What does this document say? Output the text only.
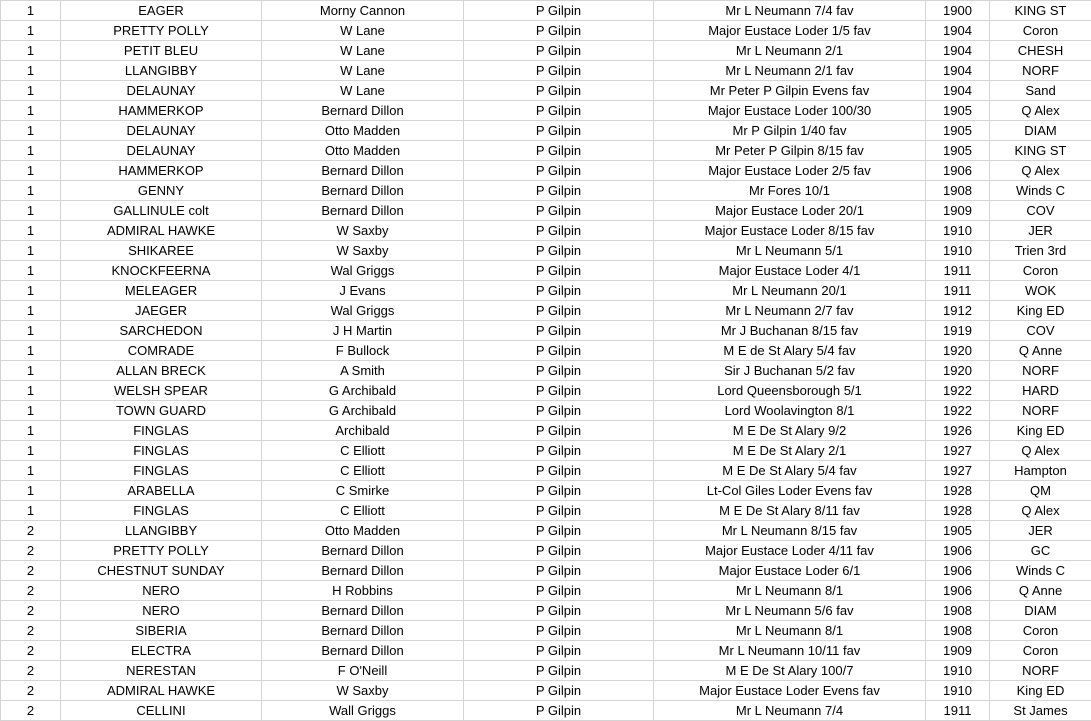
1	EAGER	Morny Cannon	P Gilpin	Mr L Neumann 7/4 fav	1900	KING ST
1	PRETTY POLLY	W Lane	P Gilpin	Major Eustace Loder 1/5 fav	1904	Coron
1	PETIT BLEU	W Lane	P Gilpin	Mr L Neumann 2/1	1904	CHESH
1	LLANGIBBY	W Lane	P Gilpin	Mr L Neumann 2/1 fav	1904	NORF
1	DELAUNAY	W Lane	P Gilpin	Mr Peter P Gilpin Evens fav	1904	Sand
1	HAMMERKOP	Bernard Dillon	P Gilpin	Major Eustace Loder 100/30	1905	Q Alex
1	DELAUNAY	Otto Madden	P Gilpin	Mr P Gilpin 1/40 fav	1905	DIAM
1	DELAUNAY	Otto Madden	P Gilpin	Mr Peter P Gilpin 8/15 fav	1905	KING ST
1	HAMMERKOP	Bernard Dillon	P Gilpin	Major Eustace Loder 2/5 fav	1906	Q Alex
1	GENNY	Bernard Dillon	P Gilpin	Mr Fores 10/1	1908	Winds C
1	GALLINULE colt	Bernard Dillon	P Gilpin	Major Eustace Loder 20/1	1909	COV
1	ADMIRAL HAWKE	W Saxby	P Gilpin	Major Eustace Loder 8/15 fav	1910	JER
1	SHIKAREE	W Saxby	P Gilpin	Mr L Neumann 5/1	1910	Trien 3rd
1	KNOCKFEERNA	Wal Griggs	P Gilpin	Major Eustace Loder 4/1	1911	Coron
1	MELEAGER	J Evans	P Gilpin	Mr L Neumann 20/1	1911	WOK
1	JAEGER	Wal Griggs	P Gilpin	Mr L Neumann 2/7 fav	1912	King ED
1	SARCHEDON	J H Martin	P Gilpin	Mr J Buchanan 8/15 fav	1919	COV
1	COMRADE	F Bullock	P Gilpin	M E de St Alary 5/4 fav	1920	Q Anne
1	ALLAN BRECK	A Smith	P Gilpin	Sir J Buchanan 5/2 fav	1920	NORF
1	WELSH SPEAR	G Archibald	P Gilpin	Lord Queensborough 5/1	1922	HARD
1	TOWN GUARD	G Archibald	P Gilpin	Lord Woolavington 8/1	1922	NORF
1	FINGLAS	Archibald	P Gilpin	M E De St Alary 9/2	1926	King ED
1	FINGLAS	C Elliott	P Gilpin	M E De St Alary 2/1	1927	Q Alex
1	FINGLAS	C Elliott	P Gilpin	M E De St Alary 5/4 fav	1927	Hampton
1	ARABELLA	C Smirke	P Gilpin	Lt-Col Giles Loder Evens fav	1928	QM
1	FINGLAS	C Elliott	P Gilpin	M E De St Alary 8/11 fav	1928	Q Alex
2	LLANGIBBY	Otto Madden	P Gilpin	Mr L Neumann 8/15 fav	1905	JER
2	PRETTY POLLY	Bernard Dillon	P Gilpin	Major Eustace Loder 4/11 fav	1906	GC
2	CHESTNUT SUNDAY	Bernard Dillon	P Gilpin	Major Eustace Loder 6/1	1906	Winds C
2	NERO	H Robbins	P Gilpin	Mr L Neumann 8/1	1906	Q Anne
2	NERO	Bernard Dillon	P Gilpin	Mr L Neumann 5/6 fav	1908	DIAM
2	SIBERIA	Bernard Dillon	P Gilpin	Mr L Neumann 8/1	1908	Coron
2	ELECTRA	Bernard Dillon	P Gilpin	Mr L Neumann 10/11 fav	1909	Coron
2	NERESTAN	F O'Neill	P Gilpin	M E De St Alary 100/7	1910	NORF
2	ADMIRAL HAWKE	W Saxby	P Gilpin	Major Eustace Loder Evens fav	1910	King ED
2	CELLINI	Wall Griggs	P Gilpin	Mr L Neumann 7/4	1911	St James
